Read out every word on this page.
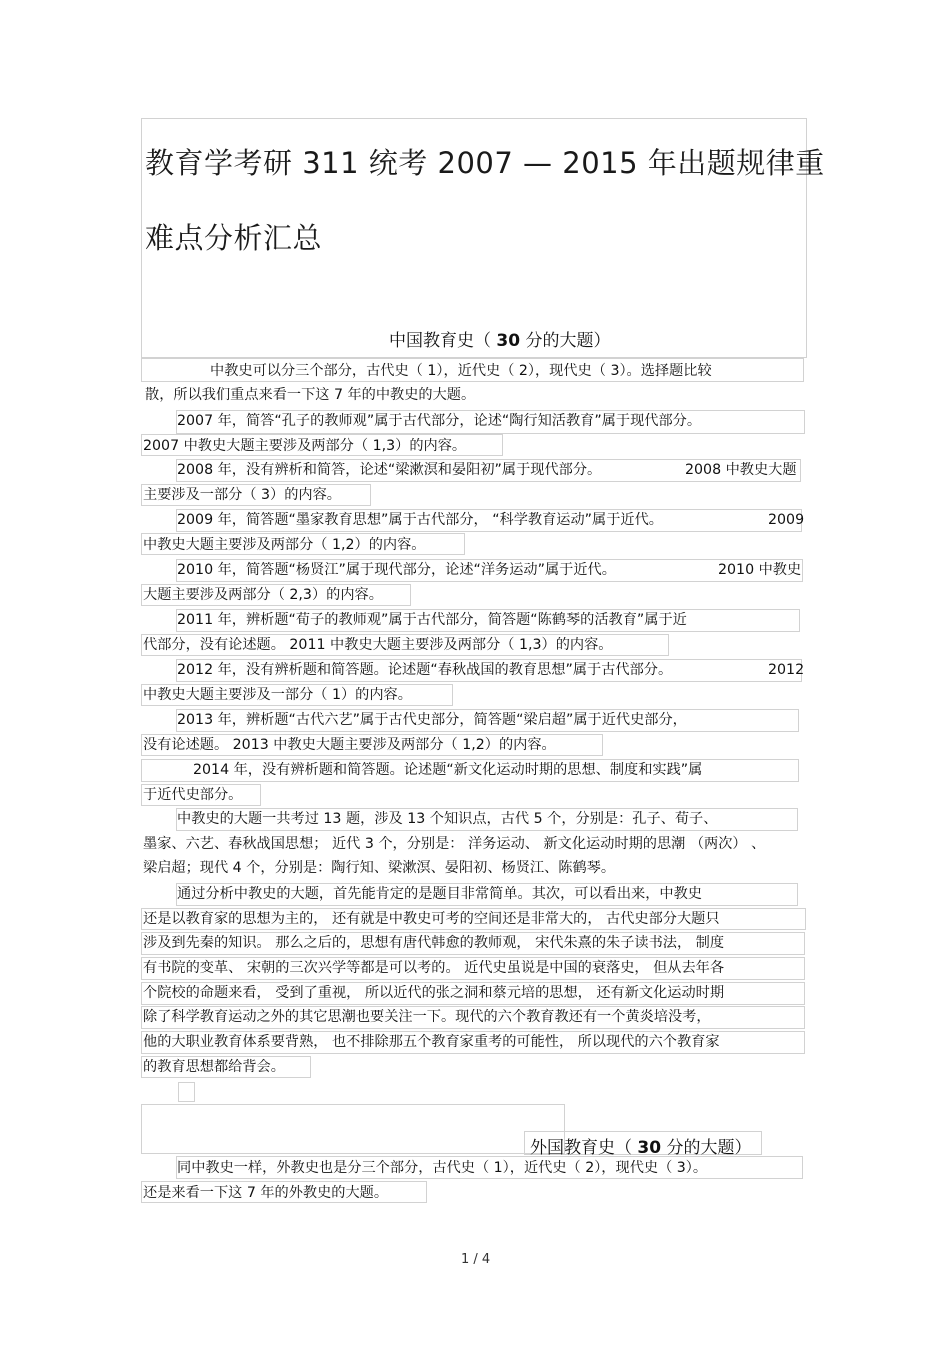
教育学考研 311 统考 2007 — 2015 年出题规律重
难点分析汇总
中国教育史（ 30 分的大题）
中教史可以分三个部分，古代史（ 1），近代史（ 2），现代史（ 3）。选择题比较
散，所以我们重点来看一下这 7 年的中教史的大题。
2007 年，简答“孔子的教师观”属于古代部分，论述“陶行知活教育”属于现代部分。
2007 中教史大题主要涉及两部分（ 1,3）的内容。
2008 年，没有辨析和简答，论述“梁漱溟和晏阳初”属于现代部分。	2008 中教史大题
主要涉及一部分（ 3）的内容。
2009 年，简答题“墨家教育思想”属于古代部分， “科学教育运动”属于近代。	2009
中教史大题主要涉及两部分（ 1,2）的内容。
2010 年，简答题“杨贤江”属于现代部分，论述“洋务运动”属于近代。	2010 中教史
大题主要涉及两部分（ 2,3）的内容。
2011 年，辨析题“荀子的教师观”属于古代部分，简答题“陈鹤琴的活教育”属于近
代部分，没有论述题。 2011 中教史大题主要涉及两部分（ 1,3）的内容。
2012 年，没有辨析题和简答题。论述题“春秋战国的教育思想”属于古代部分。	2012
中教史大题主要涉及一部分（ 1）的内容。
2013 年，辨析题“古代六艺”属于古代史部分，简答题“梁启超”属于近代史部分，
没有论述题。 2013 中教史大题主要涉及两部分（ 1,2）的内容。
2014 年，没有辨析题和简答题。论述题“新文化运动时期的思想、制度和实践”属
于近代史部分。
中教史的大题一共考过 13 题，涉及 13 个知识点，古代 5 个，分别是：孔子、荀子、
墨家、六艺、春秋战国思想； 近代 3 个，分别是： 洋务运动、 新文化运动时期的思潮 （两次） 、
梁启超；现代 4 个，分别是：陶行知、梁漱溟、晏阳初、杨贤江、陈鹤琴。
通过分析中教史的大题，首先能肯定的是题目非常简单。其次，可以看出来，中教史
还是以教育家的思想为主的， 还有就是中教史可考的空间还是非常大的， 古代史部分大题只
涉及到先秦的知识。 那么之后的，思想有唐代韩愈的教师观， 宋代朱熹的朱子读书法， 制度
有书院的变革、 宋朝的三次兴学等都是可以考的。 近代史虽说是中国的衰落史， 但从去年各
个院校的命题来看， 受到了重视， 所以近代的张之洞和蔡元培的思想， 还有新文化运动时期
除了科学教育运动之外的其它思潮也要关注一下。现代的六个教育教还有一个黄炎培没考，
他的大职业教育体系要背熟， 也不排除那五个教育家重考的可能性， 所以现代的六个教育家
的教育思想都给背会。
外国教育史（ 30 分的大题）
同中教史一样，外教史也是分三个部分，古代史（ 1），近代史（ 2），现代史（ 3）。
还是来看一下这 7 年的外教史的大题。
1 / 4
